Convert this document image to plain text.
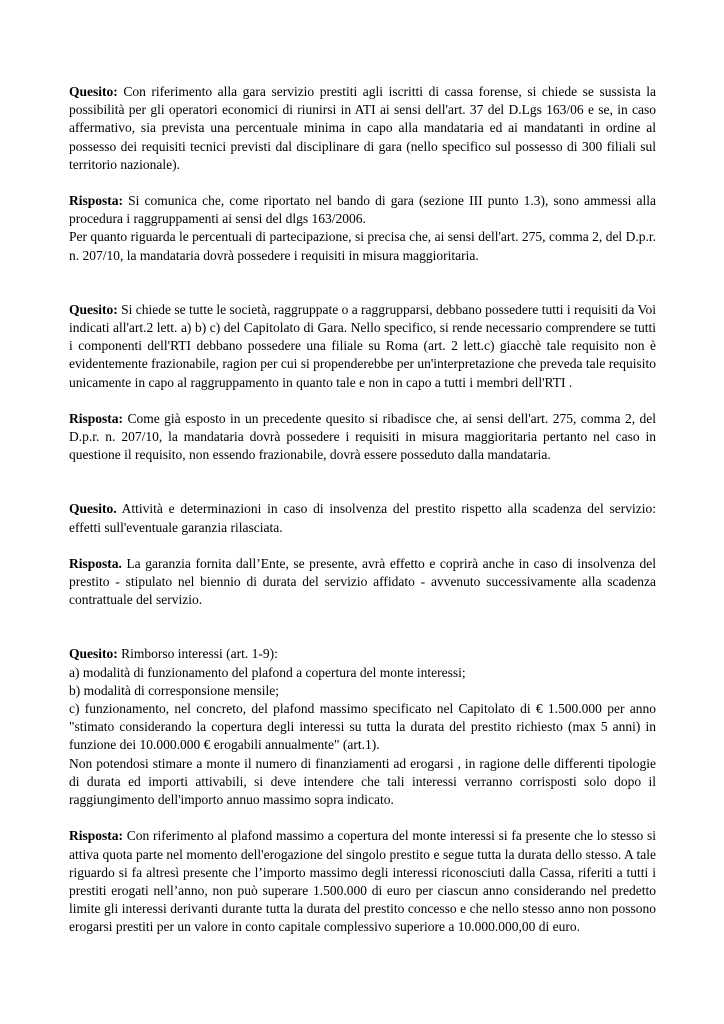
Quesito: Con riferimento alla gara servizio prestiti agli iscritti di cassa forense, si chiede se sussista la possibilità per gli operatori economici di riunirsi in ATI ai sensi dell'art. 37 del D.Lgs 163/06 e se, in caso affermativo, sia prevista una percentuale minima in capo alla mandataria ed ai mandatanti in ordine al possesso dei requisiti tecnici previsti dal disciplinare di gara (nello specifico sul possesso di 300 filiali sul territorio nazionale).

Risposta: Si comunica che, come riportato nel bando di gara (sezione III punto 1.3), sono ammessi alla procedura i raggruppamenti ai sensi del dlgs 163/2006.

Per quanto riguarda le percentuali di partecipazione, si precisa che, ai sensi dell'art. 275, comma 2, del D.p.r. n. 207/10, la mandataria dovrà possedere i requisiti in misura maggioritaria.

Quesito: Si chiede se tutte le società, raggruppate o a raggrupparsi, debbano possedere tutti i requisiti da Voi indicati all'art.2 lett. a) b) c) del Capitolato di Gara. Nello specifico, si rende necessario comprendere se tutti i componenti dell'RTI debbano possedere una filiale su Roma (art. 2 lett.c) giacchè tale requisito non è evidentemente frazionabile, ragion per cui si propenderebbe per un'interpretazione che preveda tale requisito unicamente in capo al raggruppamento in quanto tale e non in capo a tutti i membri dell'RTI .

Risposta: Come già esposto in un precedente quesito si ribadisce che, ai sensi dell'art. 275, comma 2, del D.p.r. n. 207/10, la mandataria dovrà possedere i requisiti in misura maggioritaria pertanto nel caso in questione il requisito, non essendo frazionabile, dovrà essere posseduto dalla mandataria.

Quesito. Attività e determinazioni in caso di insolvenza del prestito rispetto alla scadenza del servizio: effetti sull'eventuale garanzia rilasciata.

Risposta. La garanzia fornita dall’Ente, se presente, avrà effetto e coprirà anche in caso di insolvenza del prestito - stipulato nel biennio di durata del servizio affidato - avvenuto successivamente alla scadenza contrattuale del servizio.

Quesito: Rimborso interessi (art. 1-9):

a) modalità di funzionamento del plafond a copertura del monte interessi;

b) modalità di corresponsione mensile;

c) funzionamento, nel concreto, del plafond massimo specificato nel Capitolato di € 1.500.000 per anno "stimato considerando la copertura degli interessi su tutta la durata del prestito richiesto (max 5 anni) in funzione dei 10.000.000 € erogabili annualmente" (art.1).

Non potendosi stimare a monte il numero di finanziamenti ad erogarsi , in ragione delle differenti tipologie di durata ed importi attivabili, si deve intendere che tali interessi verranno corrisposti solo dopo il raggiungimento dell'importo annuo massimo sopra indicato.

Risposta: Con riferimento al plafond massimo a copertura del monte interessi si fa presente che lo stesso si attiva quota parte nel momento dell'erogazione del singolo prestito e segue tutta la durata dello stesso. A tale riguardo si fa altresì presente che l’importo massimo degli interessi riconosciuti dalla Cassa, riferiti a tutti i prestiti erogati nell’anno, non può superare 1.500.000 di euro per ciascun anno considerando nel predetto limite gli interessi derivanti durante tutta la durata del prestito concesso e che nello stesso anno non possono erogarsi prestiti per un valore in conto capitale complessivo superiore a 10.000.000,00 di euro.
